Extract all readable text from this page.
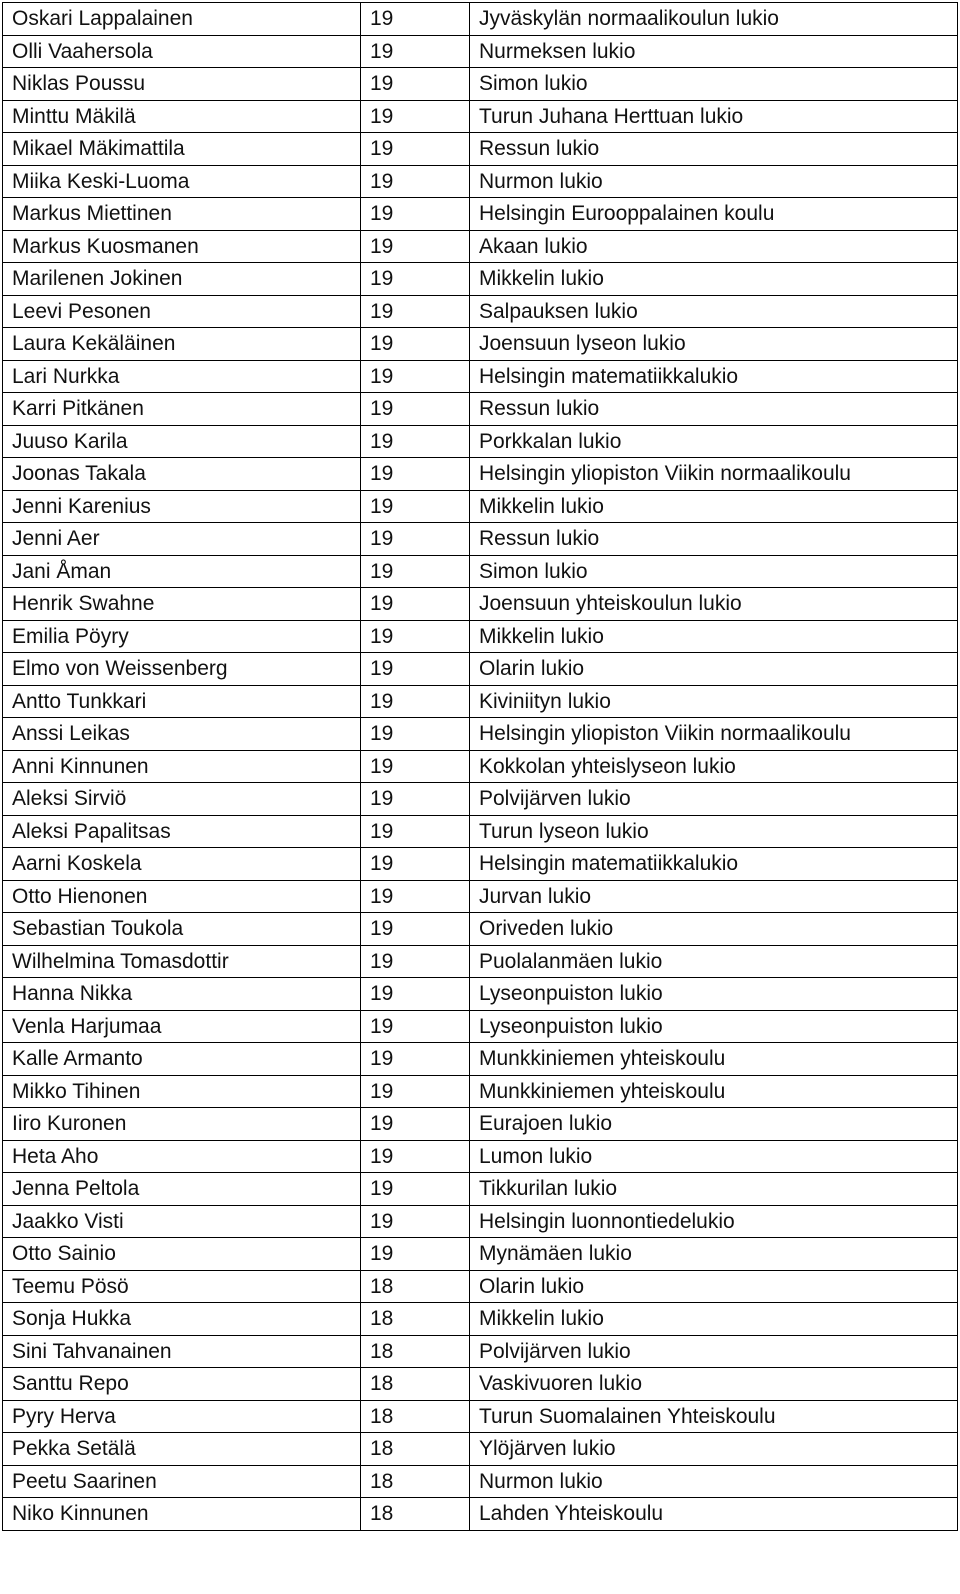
Oskari Lappalainen	19	Jyväskylän normaalikoulun lukio
Olli Vaahersola	19	Nurmeksen lukio
Niklas Poussu	19	Simon lukio
Minttu Mäkilä	19	Turun Juhana Herttuan lukio
Mikael Mäkimattila	19	Ressun lukio
Miika Keski-Luoma	19	Nurmon lukio
Markus Miettinen	19	Helsingin Eurooppalainen koulu
Markus Kuosmanen	19	Akaan lukio
Marilenen Jokinen	19	Mikkelin lukio
Leevi Pesonen	19	Salpauksen lukio
Laura Kekäläinen	19	Joensuun lyseon lukio
Lari Nurkka	19	Helsingin matematiikkalukio
Karri Pitkänen	19	Ressun lukio
Juuso Karila	19	Porkkalan lukio
Joonas Takala	19	Helsingin yliopiston Viikin normaalikoulu
Jenni Karenius	19	Mikkelin lukio
Jenni Aer	19	Ressun lukio
Jani Åman	19	Simon lukio
Henrik Swahne	19	Joensuun yhteiskoulun lukio
Emilia Pöyry	19	Mikkelin lukio
Elmo von Weissenberg	19	Olarin lukio
Antto Tunkkari	19	Kiviniityn lukio
Anssi Leikas	19	Helsingin yliopiston Viikin normaalikoulu
Anni Kinnunen	19	Kokkolan yhteislyseon lukio
Aleksi Sirviö	19	Polvijärven lukio
Aleksi Papalitsas	19	Turun lyseon lukio
Aarni Koskela	19	Helsingin matematiikkalukio
Otto Hienonen	19	Jurvan lukio
Sebastian Toukola	19	Oriveden lukio
Wilhelmina Tomasdottir	19	Puolalanmäen lukio
Hanna Nikka	19	Lyseonpuiston lukio
Venla Harjumaa	19	Lyseonpuiston lukio
Kalle Armanto	19	Munkkiniemen yhteiskoulu
Mikko Tihinen	19	Munkkiniemen yhteiskoulu
Iiro Kuronen	19	Eurajoen lukio
Heta Aho	19	Lumon lukio
Jenna Peltola	19	Tikkurilan lukio
Jaakko Visti	19	Helsingin luonnontiedelukio
Otto Sainio	19	Mynämäen lukio
Teemu Pösö	18	Olarin lukio
Sonja Hukka	18	Mikkelin lukio
Sini Tahvanainen	18	Polvijärven lukio
Santtu Repo	18	Vaskivuoren lukio
Pyry Herva	18	Turun Suomalainen Yhteiskoulu
Pekka Setälä	18	Ylöjärven lukio
Peetu Saarinen	18	Nurmon lukio
Niko Kinnunen	18	Lahden Yhteiskoulu
